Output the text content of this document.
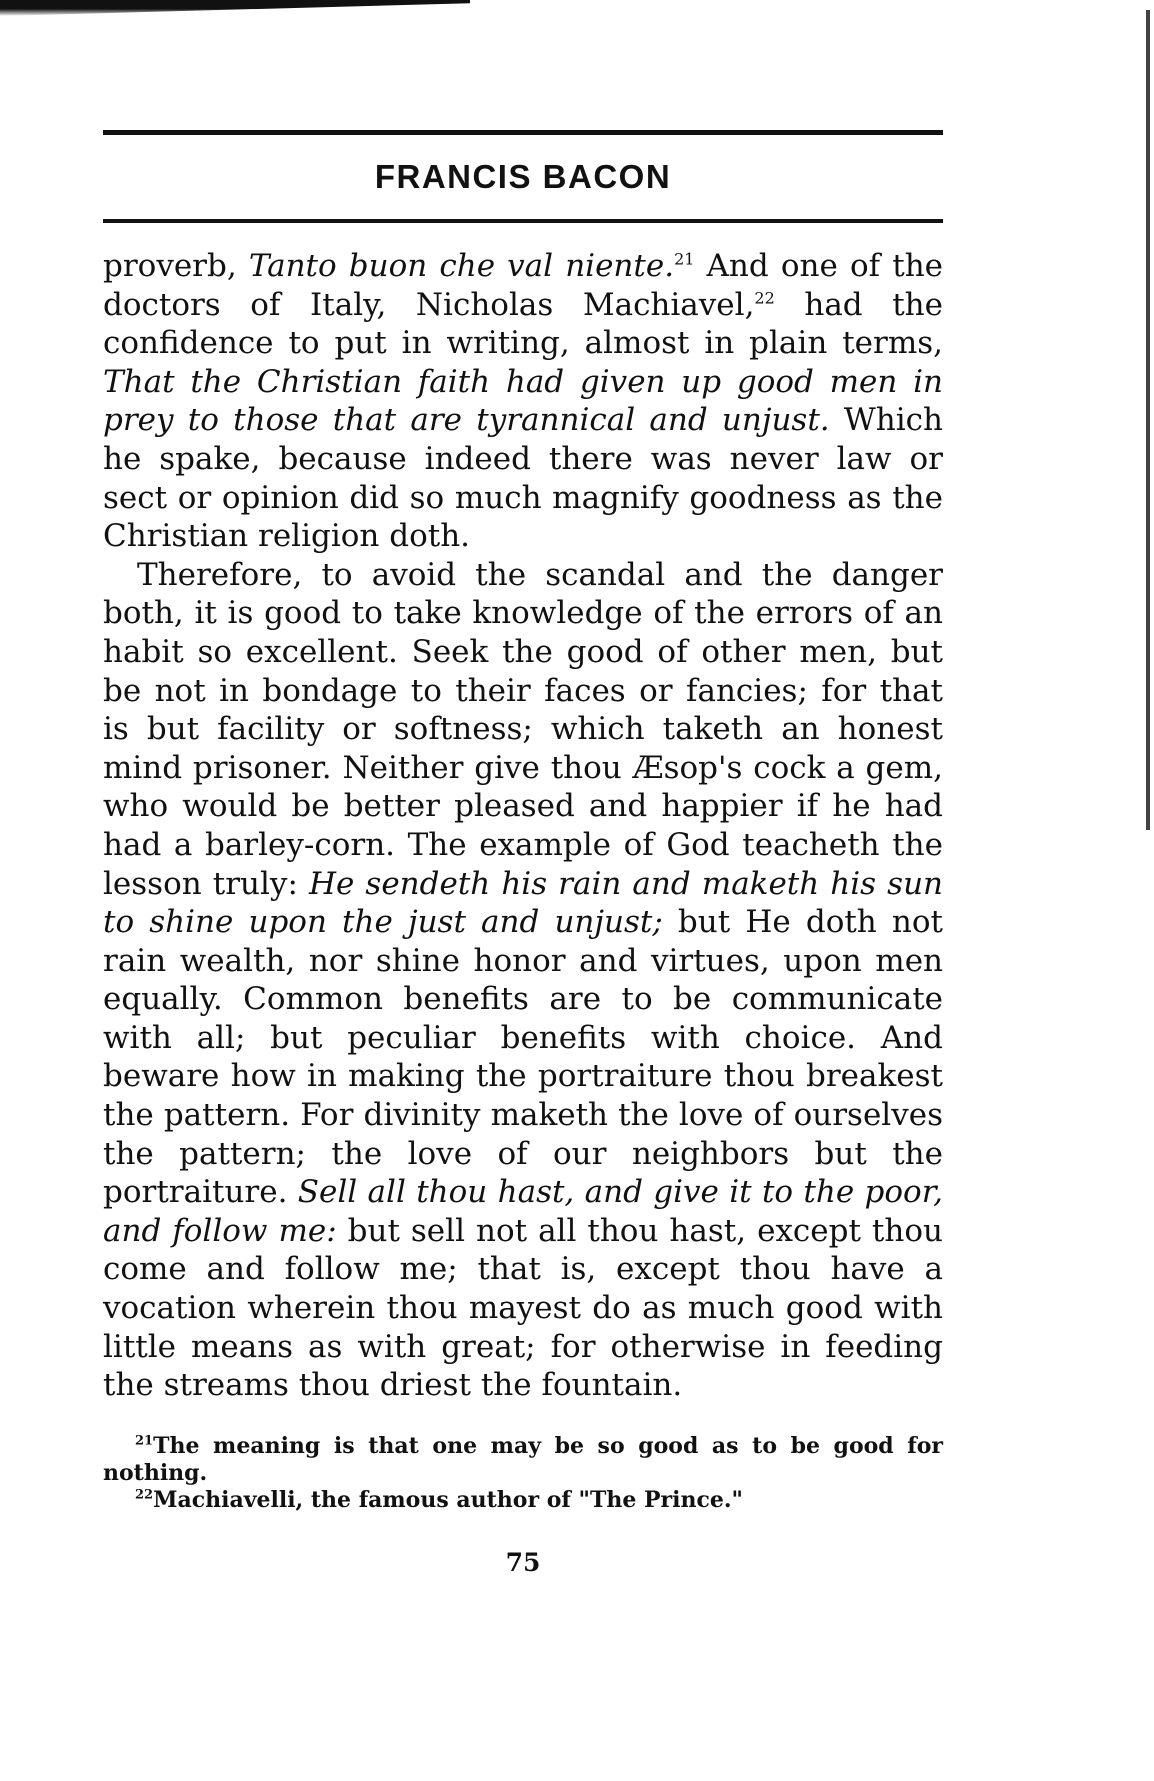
FRANCIS BACON

proverb, Tanto buon che val niente.$^{21}$ And one of the doctors of Italy, Nicholas Machiavel,$^{22}$ had the confidence to put in writing, almost in plain terms, That the Christian faith had given up good men in prey to those that are tyrannical and unjust. Which he spake, because indeed there was never law or sect or opinion did so much magnify goodness as the Christian religion doth.

Therefore, to avoid the scandal and the danger both, it is good to take knowledge of the errors of an habit so excellent. Seek the good of other men, but be not in bondage to their faces or fancies; for that is but facility or softness; which taketh an honest mind prisoner. Neither give thou Æsop's cock a gem, who would be better pleased and happier if he had had a barley-corn. The example of God teacheth the lesson truly: He sendeth his rain and maketh his sun to shine upon the just and unjust; but He doth not rain wealth, nor shine honor and virtues, upon men equally. Common benefits are to be communicate with all; but peculiar benefits with choice. And beware how in making the portraiture thou breakest the pattern. For divinity maketh the love of ourselves the pattern; the love of our neighbors but the portraiture. Sell all thou hast, and give it to the poor, and follow me: but sell not all thou hast, except thou come and follow me; that is, except thou have a vocation wherein thou mayest do as much good with little means as with great; for otherwise in feeding the streams thou driest the fountain.

$^{21}$The meaning is that one may be so good as to be good for nothing.

$^{22}$Machiavelli, the famous author of "The Prince."

75
